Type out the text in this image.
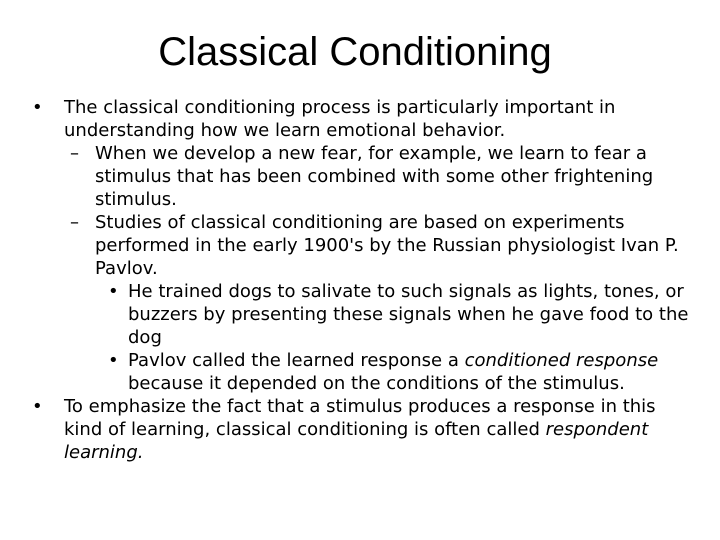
Classical Conditioning
• The classical conditioning process is particularly important in understanding how we learn emotional behavior.
– When we develop a new fear, for example, we learn to fear a stimulus that has been combined with some other frightening stimulus.
– Studies of classical conditioning are based on experiments performed in the early 1900's by the Russian physiologist Ivan P. Pavlov.
• He trained dogs to salivate to such signals as lights, tones, or buzzers by presenting these signals when he gave food to the dog
• Pavlov called the learned response a conditioned response because it depended on the conditions of the stimulus.
• To emphasize the fact that a stimulus produces a response in this kind of learning, classical conditioning is often called respondent learning.
